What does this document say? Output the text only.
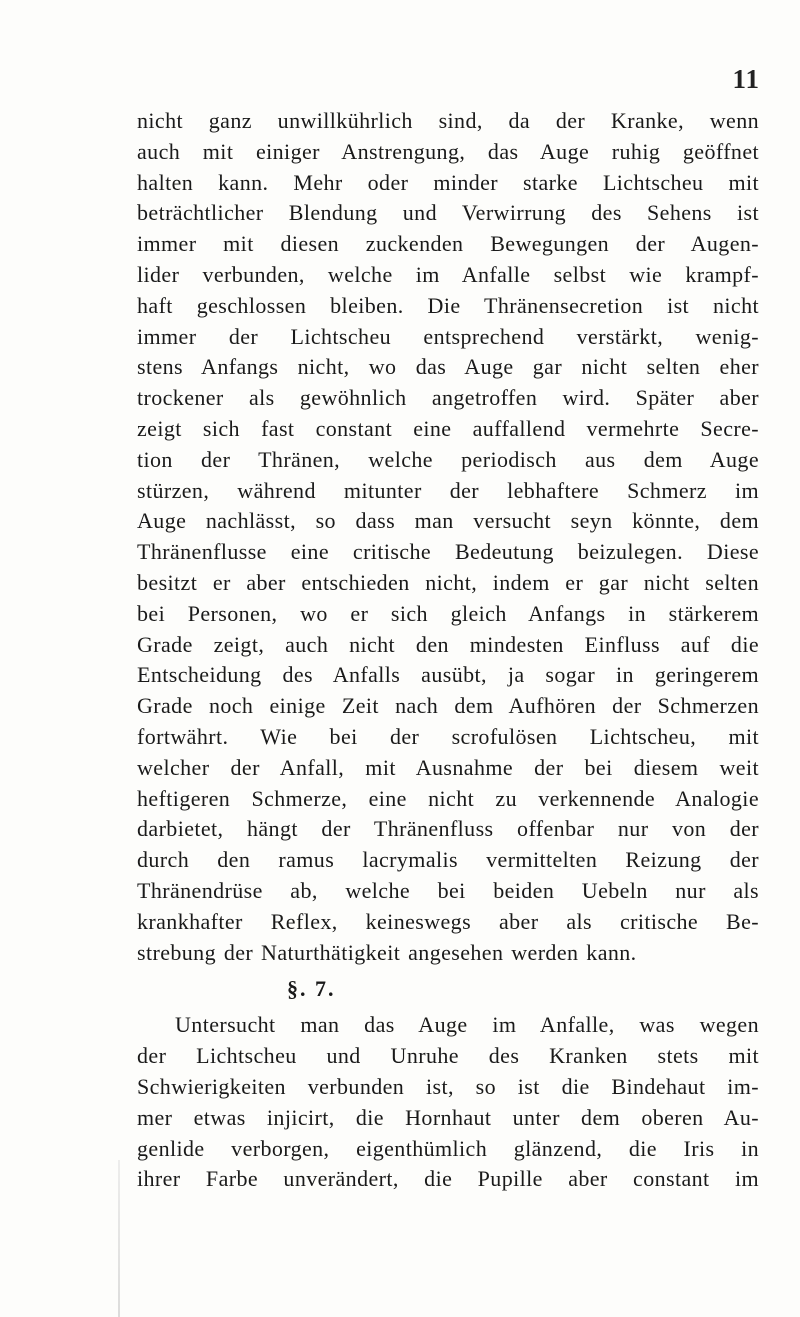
11
nicht ganz unwillkührlich sind, da der Kranke, wenn
auch mit einiger Anstrengung, das Auge ruhig geöffnet
halten kann. Mehr oder minder starke Lichtscheu mit
beträchtlicher Blendung und Verwirrung des Sehens ist
immer mit diesen zuckenden Bewegungen der Augen-
lider verbunden, welche im Anfalle selbst wie krampf-
haft geschlossen bleiben. Die Thränensecretion ist nicht
immer der Lichtscheu entsprechend verstärkt, wenig-
stens Anfangs nicht, wo das Auge gar nicht selten eher
trockener als gewöhnlich angetroffen wird. Später aber
zeigt sich fast constant eine auffallend vermehrte Secre-
tion der Thränen, welche periodisch aus dem Auge
stürzen, während mitunter der lebhaftere Schmerz im
Auge nachlässt, so dass man versucht seyn könnte, dem
Thränenflusse eine critische Bedeutung beizulegen. Diese
besitzt er aber entschieden nicht, indem er gar nicht selten
bei Personen, wo er sich gleich Anfangs in stärkerem
Grade zeigt, auch nicht den mindesten Einfluss auf die
Entscheidung des Anfalls ausübt, ja sogar in geringerem
Grade noch einige Zeit nach dem Aufhören der Schmerzen
fortwährt. Wie bei der scrofulösen Lichtscheu, mit
welcher der Anfall, mit Ausnahme der bei diesem weit
heftigeren Schmerze, eine nicht zu verkennende Analogie
darbietet, hängt der Thränenfluss offenbar nur von der
durch den ramus lacrymalis vermittelten Reizung der
Thränendrüse ab, welche bei beiden Uebeln nur als
krankhafter Reflex, keineswegs aber als critische Be-
strebung der Naturthätigkeit angesehen werden kann.
§. 7.
Untersucht man das Auge im Anfalle, was wegen
der Lichtscheu und Unruhe des Kranken stets mit
Schwierigkeiten verbunden ist, so ist die Bindehaut im-
mer etwas injicirt, die Hornhaut unter dem oberen Au-
genlide verborgen, eigenthümlich glänzend, die Iris in
ihrer Farbe unverändert, die Pupille aber constant im
